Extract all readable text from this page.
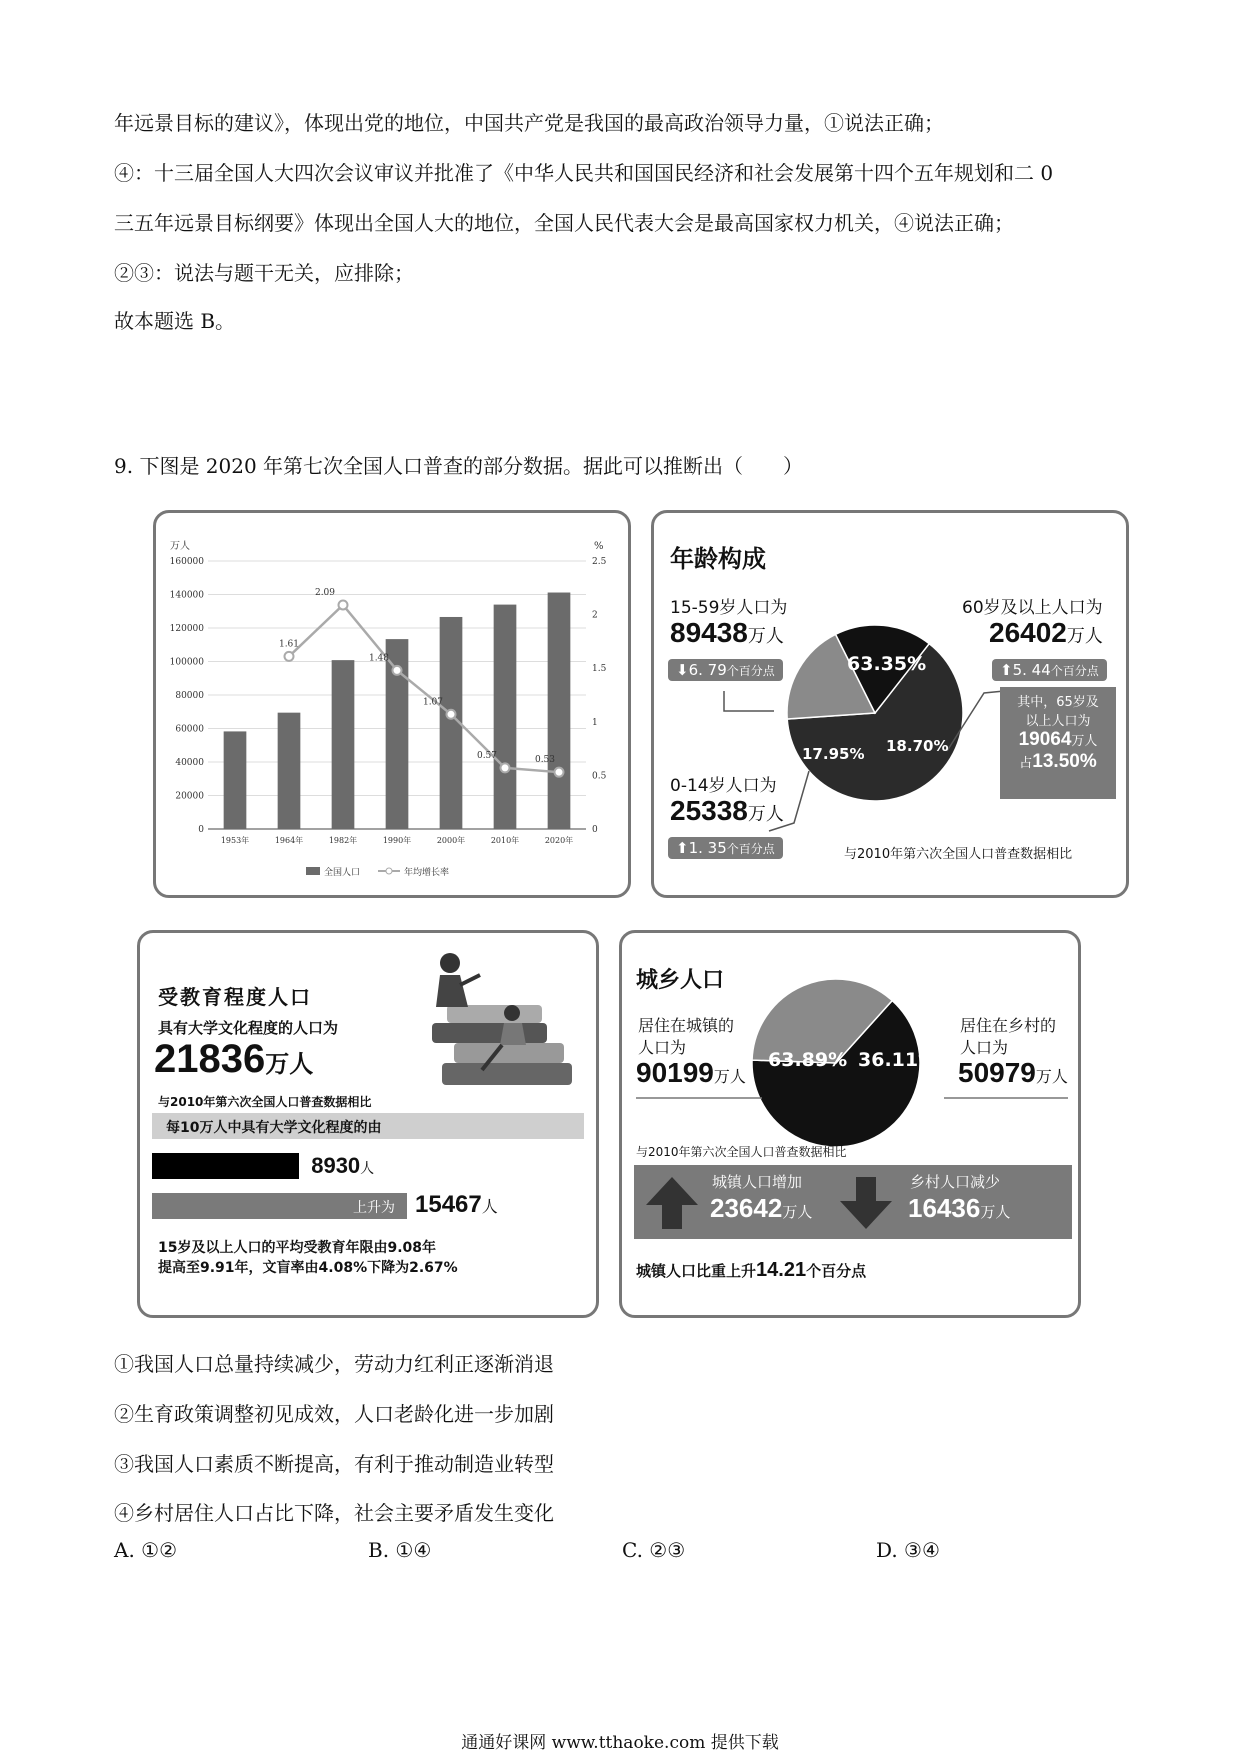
年远景目标的建议》，体现出党的地位，中国共产党是我国的最高政治领导力量，①说法正确；
④：十三届全国人大四次会议审议并批准了《中华人民共和国国民经济和社会发展第十四个五年规划和二 0
三五年远景目标纲要》体现出全国人大的地位，全国人民代表大会是最高国家权力机关，④说法正确；
②③：说法与题干无关，应排除；
故本题选 B。
9. 下图是 2020 年第七次全国人口普查的部分数据。据此可以推断出（　　）
万人	%
0
20000
40000
60000
80000
100000
120000
140000
160000
0
0.5
1
1.5
2
2.5
1953年	1964年	1982年	1990年	2000年	2010年	2020年
1.61
2.09
1.48
1.07
0.57	0.53
全国人口	年均增长率
年龄构成
15-59岁人口为
89438万人
⬇6. 79个百分点	63.35%
17.95% 18.70%
60岁及以上人口为
26402万人
⬆5. 44个百分点
其中，65岁及
以上人口为
19064万人
占13.50%
0-14岁人口为
25338万人
⬆1. 35个百分点	与2010年第六次全国人口普查数据相比
受教育程度人口
具有大学文化程度的人口为
21836万人
与2010年第六次全国人口普查数据相比
每10万人中具有大学文化程度的由
8930人
上升为 15467人
15岁及以上人口的平均受教育年限由9.08年
提高至9.91年，文盲率由4.08%下降为2.67%
城乡人口
63.89% 36.11%
居住在城镇的
人口为
90199万人
居住在乡村的
人口为
50979万人
与2010年第六次全国人口普查数据相比
城镇人口增加
23642万人
乡村人口减少
16436万人
城镇人口比重上升14.21个百分点
①我国人口总量持续减少，劳动力红利正逐渐消退
②生育政策调整初见成效，人口老龄化进一步加剧
③我国人口素质不断提高，有利于推动制造业转型
④乡村居住人口占比下降，社会主要矛盾发生变化
A. ①②	B. ①④	C. ②③	D. ③④
通通好课网 www.tthaoke.com 提供下载
